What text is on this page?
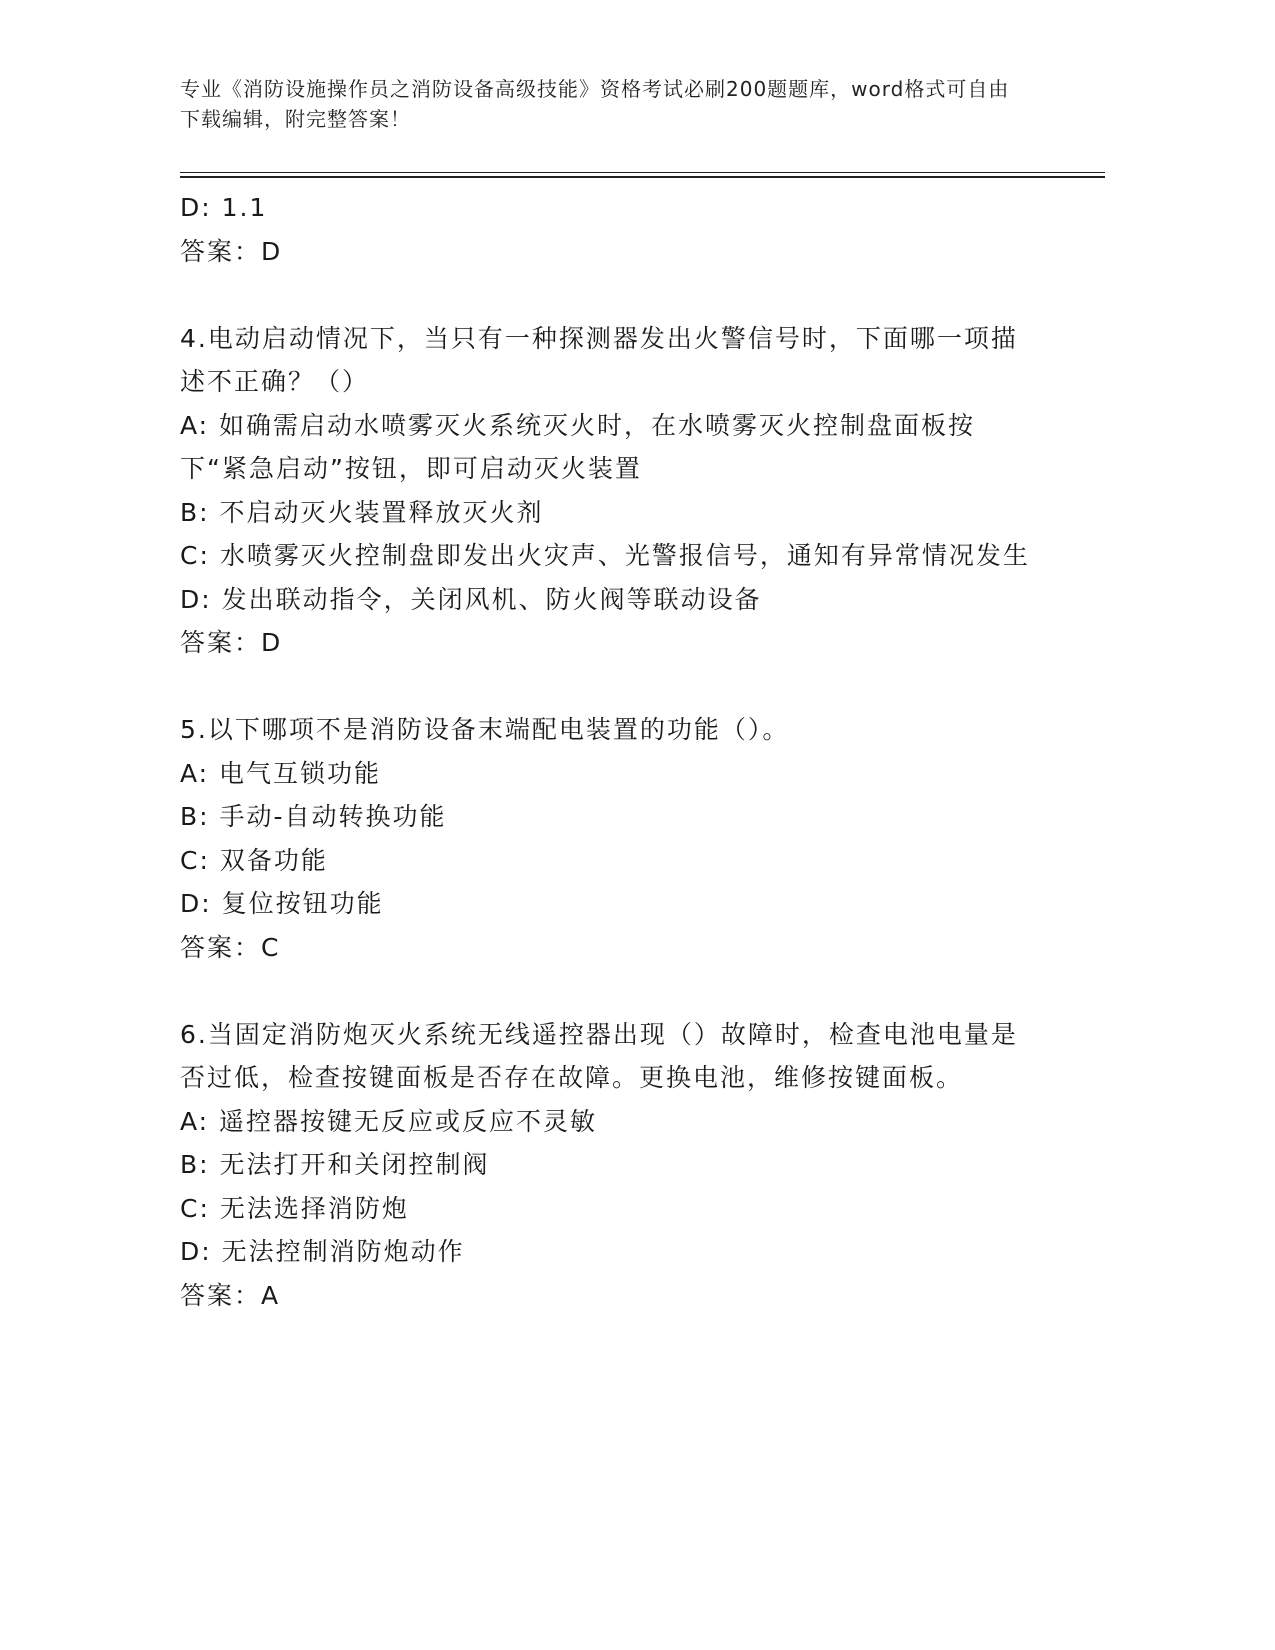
专业《消防设施操作员之消防设备高级技能》资格考试必刷200题题库，word格式可自由下载编辑，附完整答案！

D: 1.1

答案：D

4.电动启动情况下，当只有一种探测器发出火警信号时，下面哪一项描述不正确？（）

A: 如确需启动水喷雾灭火系统灭火时，在水喷雾灭火控制盘面板按下“紧急启动”按钮，即可启动灭火装置

B: 不启动灭火装置释放灭火剂

C: 水喷雾灭火控制盘即发出火灾声、光警报信号，通知有异常情况发生

D: 发出联动指令，关闭风机、防火阀等联动设备

答案：D

5.以下哪项不是消防设备末端配电装置的功能（）。

A: 电气互锁功能

B: 手动-自动转换功能

C: 双备功能

D: 复位按钮功能

答案：C

6.当固定消防炮灭火系统无线遥控器出现（）故障时，检查电池电量是否过低，检查按键面板是否存在故障。更换电池，维修按键面板。

A: 遥控器按键无反应或反应不灵敏

B: 无法打开和关闭控制阀

C: 无法选择消防炮

D: 无法控制消防炮动作

答案：A
